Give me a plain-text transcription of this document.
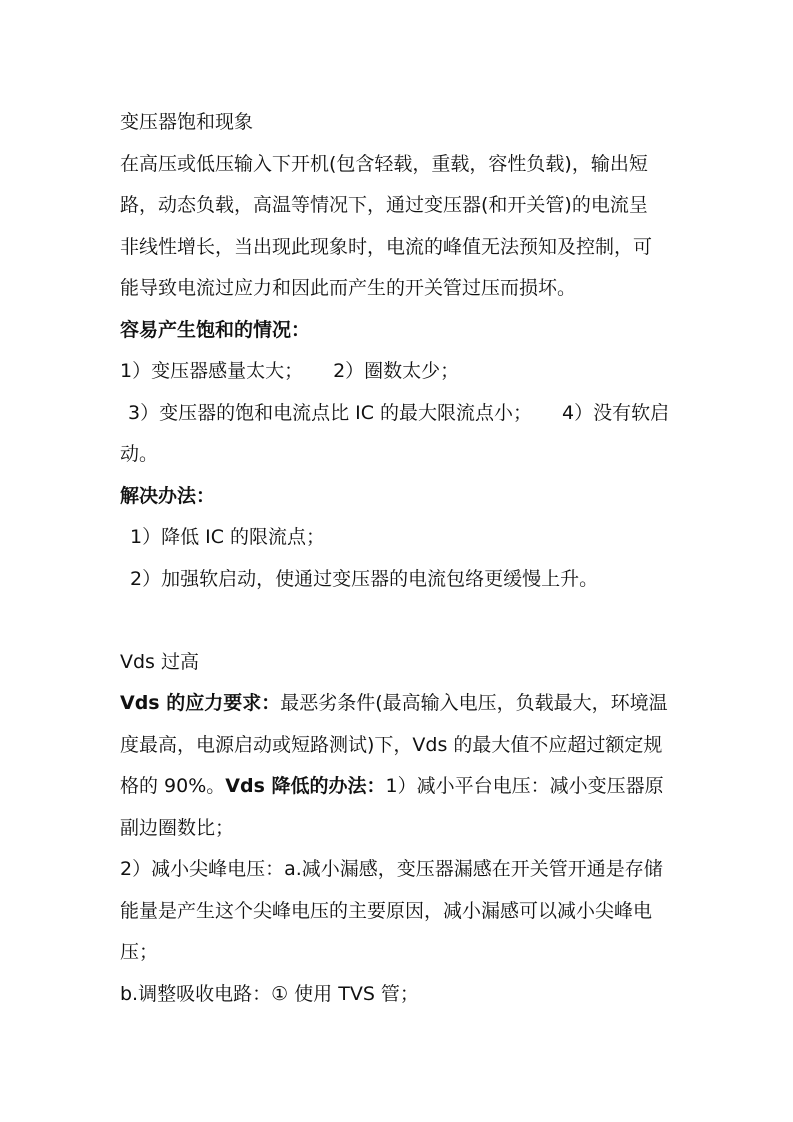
变压器饱和现象
在高压或低压输入下开机(包含轻载，重载，容性负载)，输出短
路，动态负载，高温等情况下，通过变压器(和开关管)的电流呈
非线性增长，当出现此现象时，电流的峰值无法预知及控制，可
能导致电流过应力和因此而产生的开关管过压而损坏。
容易产生饱和的情况：
1）变压器感量太大； 2）圈数太少；
3）变压器的饱和电流点比 IC 的最大限流点小； 4）没有软启
动。
解决办法：
1）降低 IC 的限流点；
2）加强软启动，使通过变压器的电流包络更缓慢上升。
Vds 过高
Vds 的应力要求：最恶劣条件(最高输入电压，负载最大，环境温
度最高，电源启动或短路测试)下，Vds 的最大值不应超过额定规
格的 90%。Vds 降低的办法：1）减小平台电压：减小变压器原
副边圈数比；
2）减小尖峰电压：a.减小漏感，变压器漏感在开关管开通是存储
能量是产生这个尖峰电压的主要原因，减小漏感可以减小尖峰电
压；
b.调整吸收电路：① 使用 TVS 管；
